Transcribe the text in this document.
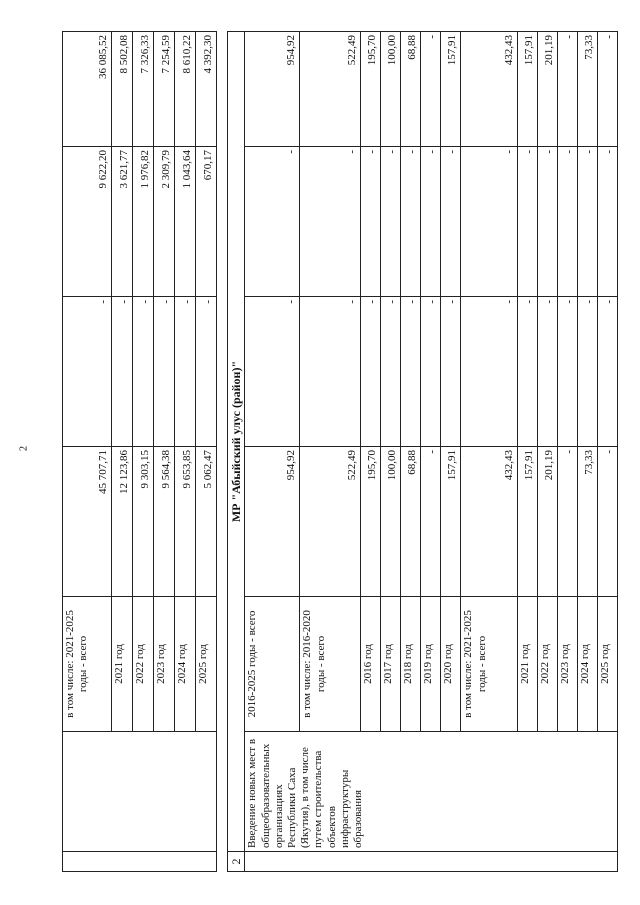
2
		в том числе: 2021-2025 годы - всего	45 707,71	-	9 622,20	36 085,52
		2021 год	12 123,86	-	3 621,77	8 502,08
		2022 год	9 303,15	-	1 976,82	7 326,33
		2023 год	9 564,38	-	2 309,79	7 254,59
		2024 год	9 653,85	-	1 043,64	8 610,22
		2025 год	5 062,47	-	670,17	4 392,30

2	МР "Абыйский улус (район)"					
	Введение новых мест в общеобразовательных организациях Республики Саха (Якутия), в том числе путем строительства объектов инфраструктуры образования	2016-2025 годы - всего	954,92	-	-	954,92
		в том числе: 2016-2020 годы - всего	522,49	-	-	522,49
		2016 год	195,70	-	-	195,70
		2017 год	100,00	-	-	100,00
		2018 год	68,88	-	-	68,88
		2019 год	-	-	-	-
		2020 год	157,91	-	-	157,91
		в том числе: 2021-2025 годы - всего	432,43	-	-	432,43
		2021 год	157,91	-	-	157,91
		2022 год	201,19	-	-	201,19
		2023 год	-	-	-	-
		2024 год	73,33	-	-	73,33
		2025 год	-	-	-	-
